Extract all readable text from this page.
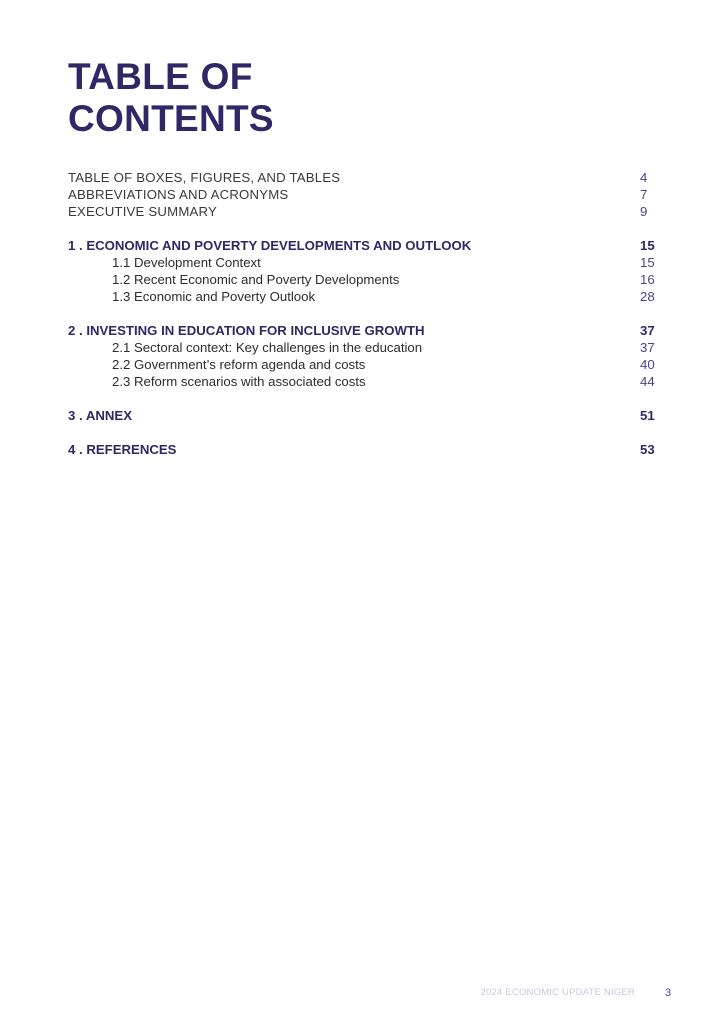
TABLE OF
CONTENTS
TABLE OF BOXES, FIGURES, AND TABLES	4
ABBREVIATIONS AND ACRONYMS	7
EXECUTIVE SUMMARY	9
1 . ECONOMIC AND POVERTY DEVELOPMENTS AND OUTLOOK	15
1.1 Development Context	15
1.2 Recent Economic and Poverty Developments	16
1.3 Economic and Poverty Outlook	28
2 . INVESTING IN EDUCATION FOR INCLUSIVE GROWTH	37
2.1 Sectoral context: Key challenges in the education	37
2.2 Government’s reform agenda and costs	40
2.3 Reform scenarios with associated costs	44
3 . ANNEX	51
4 . REFERENCES	53
2024 ECONOMIC UPDATE NIGER	3
